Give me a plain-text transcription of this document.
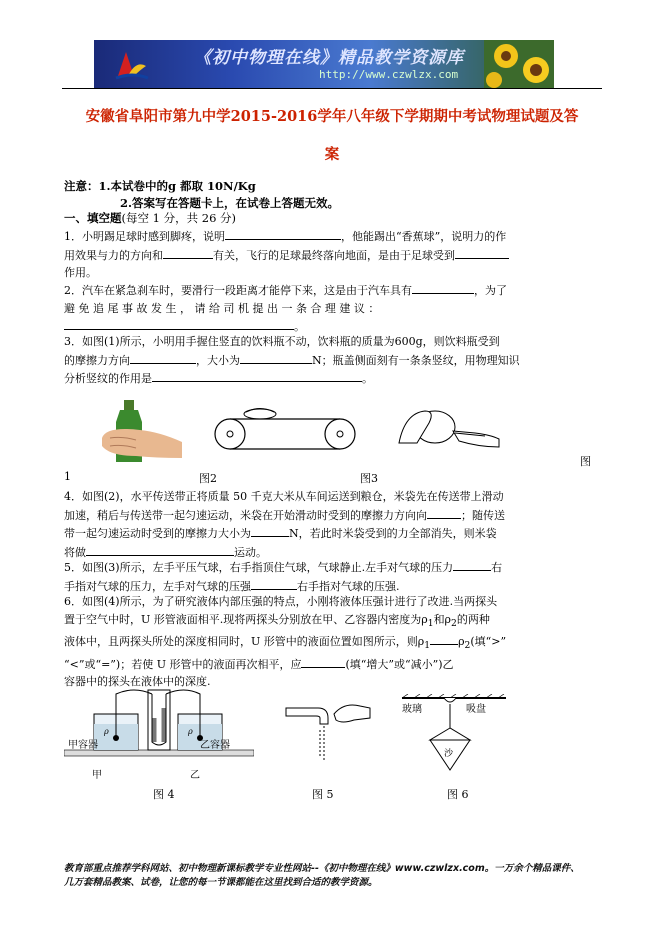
《初中物理在线》精品教学资源库
http://www.czwlzx.com
安徽省阜阳市第九中学2015-2016学年八年级下学期期中考试物理试题及答
案
注意：1.本试卷中的g 都取 10N/Kg
2.答案写在答题卡上，在试卷上答题无效。
一、填空题(每空 1 分，共 26 分)
1．小明踢足球时感到脚疼，说明	，他能踢出“香蕉球”，说明力的作
用效果与力的方向和	有关，飞行的足球最终落向地面，是由于足球受到
作用。
2．汽车在紧急刹车时，要滑行一段距离才能停下来，这是由于汽车具有	，为了
避 免 追 尾 事 故 发 生 ， 请 给 司 机 提 出 一 条 合 理 建 议 ：
。
3．如图(1)所示，小明用手握住竖直的饮料瓶不动，饮料瓶的质量为600g，则饮料瓶受到
的摩擦力方向	，大小为	N；瓶盖侧面刻有一条条竖纹，用物理知识
分析竖纹的作用是	。
1	图2	图3
图
4．如图(2)，水平传送带正将质量 50 千克大米从车间运送到粮仓，米袋先在传送带上滑动
加速，稍后与传送带一起匀速运动，米袋在开始滑动时受到的摩擦力方向向	；随传送
带一起匀速运动时受到的摩擦力大小为	N，若此时米袋受到的力全部消失，则米袋
将做	运动。
5．如图(3)所示，左手平压气球，右手指顶住气球，气球静止.左手对气球的压力	右
手指对气球的压力，左手对气球的压强	右手指对气球的压强.
6．如图(4)所示，为了研究液体内部压强的特点，小刚将液体压强计进行了改进.当两探头
置于空气中时，U 形管液面相平.现将两探头分别放在甲、乙容器内密度为$\rho_1$和$\rho_2$的两种
液体中，且两探头所处的深度相同时，U 形管中的液面位置如图所示，则$\rho_1$	$\rho_2$(填“>”
“<”或“=”)；若使 U 形管中的液面再次相平，应	(填“增大”或“减小”)乙
容器中的探头在液体中的深度.
ρ	ρ
甲容器	乙容器
甲	乙
玻璃	吸盘
沙
图 4	图 5	图 6
教育部重点推荐学科网站、初中物理新课标教学专业性网站--《初中物理在线》www.czwlzx.com。一万余个精品课件、
几万套精品教案、试卷，让您的每一节课都能在这里找到合适的教学资源。
